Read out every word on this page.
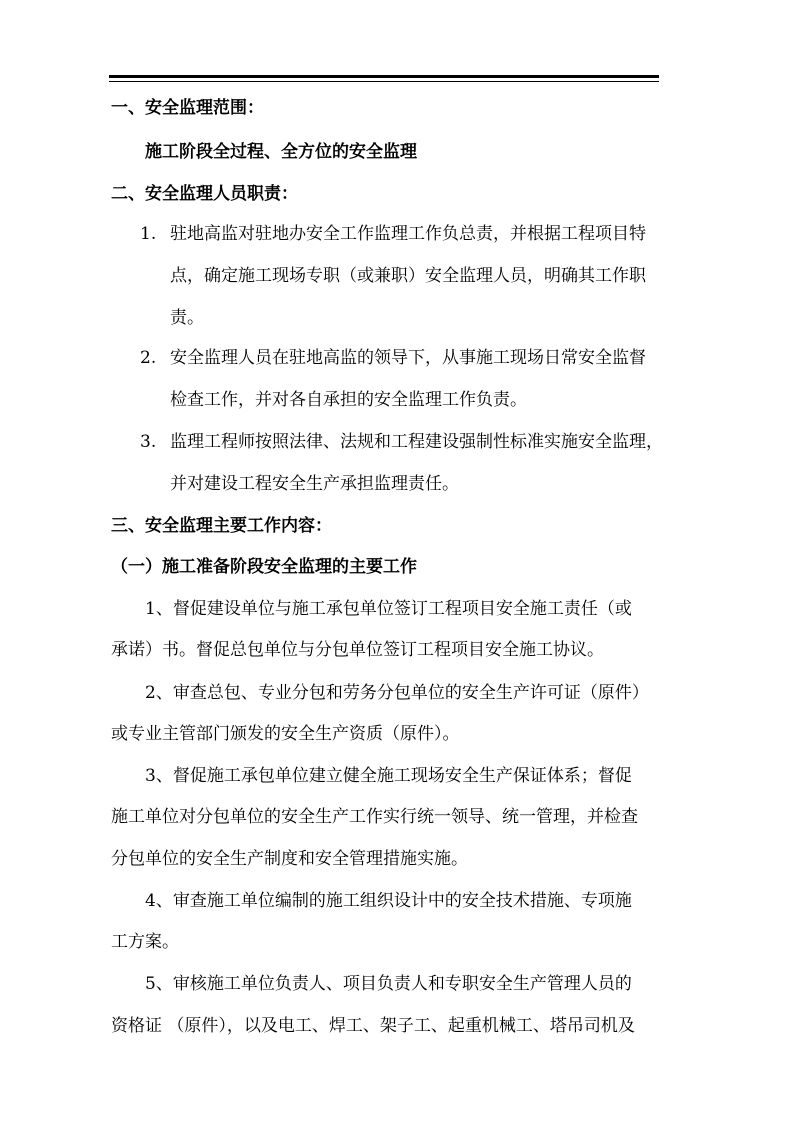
一、安全监理范围：
施工阶段全过程、全方位的安全监理
二、安全监理人员职责：
1. 驻地高监对驻地办安全工作监理工作负总责，并根据工程项目特
点，确定施工现场专职（或兼职）安全监理人员，明确其工作职
责。
2. 安全监理人员在驻地高监的领导下，从事施工现场日常安全监督
检查工作，并对各自承担的安全监理工作负责。
3. 监理工程师按照法律、法规和工程建设强制性标准实施安全监理，
并对建设工程安全生产承担监理责任。
三、安全监理主要工作内容：
（一）施工准备阶段安全监理的主要工作
1、督促建设单位与施工承包单位签订工程项目安全施工责任（或
承诺）书。督促总包单位与分包单位签订工程项目安全施工协议。
2、审查总包、专业分包和劳务分包单位的安全生产许可证（原件）
或专业主管部门颁发的安全生产资质（原件）。
3、督促施工承包单位建立健全施工现场安全生产保证体系；督促
施工单位对分包单位的安全生产工作实行统一领导、统一管理，并检查
分包单位的安全生产制度和安全管理措施实施。
4、审查施工单位编制的施工组织设计中的安全技术措施、专项施
工方案。
5、审核施工单位负责人、项目负责人和专职安全生产管理人员的
资格证 （原件），以及电工、焊工、架子工、起重机械工、塔吊司机及
